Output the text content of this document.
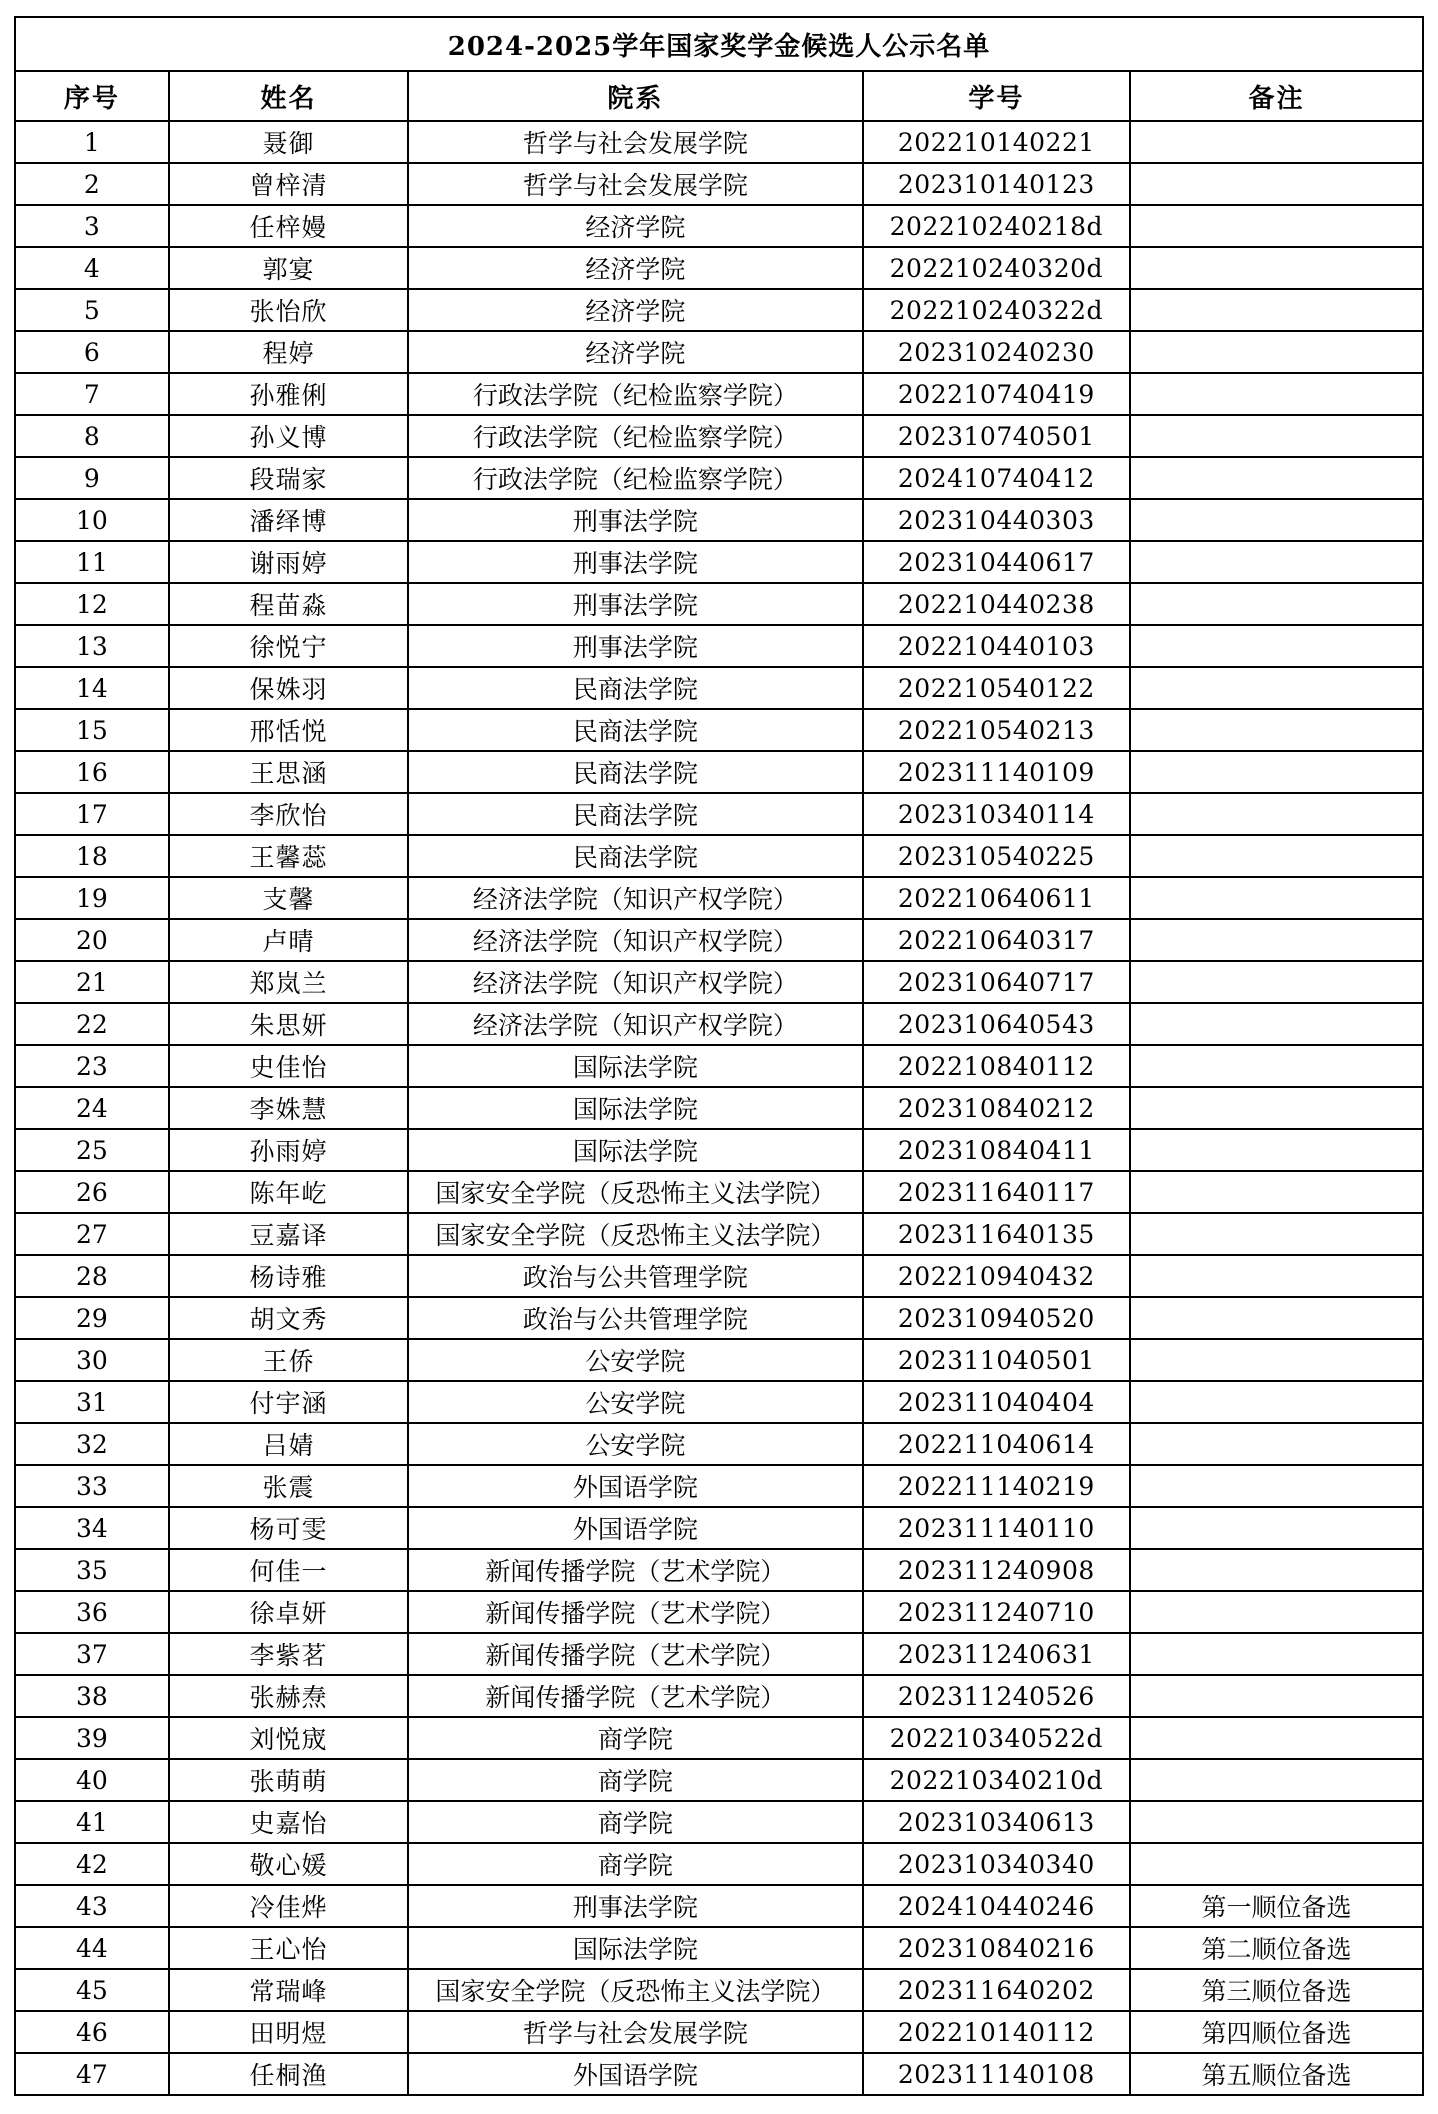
2024-2025学年国家奖学金候选人公示名单				
序号	姓名	院系	学号	备注
1	聂御	哲学与社会发展学院	202210140221	
2	曾梓清	哲学与社会发展学院	202310140123	
3	任梓嫚	经济学院	202210240218d	
4	郭宴	经济学院	202210240320d	
5	张怡欣	经济学院	202210240322d	
6	程婷	经济学院	202310240230	
7	孙雅俐	行政法学院（纪检监察学院）	202210740419	
8	孙义博	行政法学院（纪检监察学院）	202310740501	
9	段瑞家	行政法学院（纪检监察学院）	202410740412	
10	潘绎博	刑事法学院	202310440303	
11	谢雨婷	刑事法学院	202310440617	
12	程苗淼	刑事法学院	202210440238	
13	徐悦宁	刑事法学院	202210440103	
14	保姝羽	民商法学院	202210540122	
15	邢恬悦	民商法学院	202210540213	
16	王思涵	民商法学院	202311140109	
17	李欣怡	民商法学院	202310340114	
18	王馨蕊	民商法学院	202310540225	
19	支馨	经济法学院（知识产权学院）	202210640611	
20	卢晴	经济法学院（知识产权学院）	202210640317	
21	郑岚兰	经济法学院（知识产权学院）	202310640717	
22	朱思妍	经济法学院（知识产权学院）	202310640543	
23	史佳怡	国际法学院	202210840112	
24	李姝慧	国际法学院	202310840212	
25	孙雨婷	国际法学院	202310840411	
26	陈年屹	国家安全学院（反恐怖主义法学院）	202311640117	
27	豆嘉译	国家安全学院（反恐怖主义法学院）	202311640135	
28	杨诗雅	政治与公共管理学院	202210940432	
29	胡文秀	政治与公共管理学院	202310940520	
30	王侨	公安学院	202311040501	
31	付宇涵	公安学院	202311040404	
32	吕婧	公安学院	202211040614	
33	张震	外国语学院	202211140219	
34	杨可雯	外国语学院	202311140110	
35	何佳一	新闻传播学院（艺术学院）	202311240908	
36	徐卓妍	新闻传播学院（艺术学院）	202311240710	
37	李紫茗	新闻传播学院（艺术学院）	202311240631	
38	张赫焘	新闻传播学院（艺术学院）	202311240526	
39	刘悦宬	商学院	202210340522d	
40	张萌萌	商学院	202210340210d	
41	史嘉怡	商学院	202310340613	
42	敬心媛	商学院	202310340340	
43	冷佳烨	刑事法学院	202410440246	第一顺位备选
44	王心怡	国际法学院	202310840216	第二顺位备选
45	常瑞峰	国家安全学院（反恐怖主义法学院）	202311640202	第三顺位备选
46	田明煜	哲学与社会发展学院	202210140112	第四顺位备选
47	任桐渔	外国语学院	202311140108	第五顺位备选
